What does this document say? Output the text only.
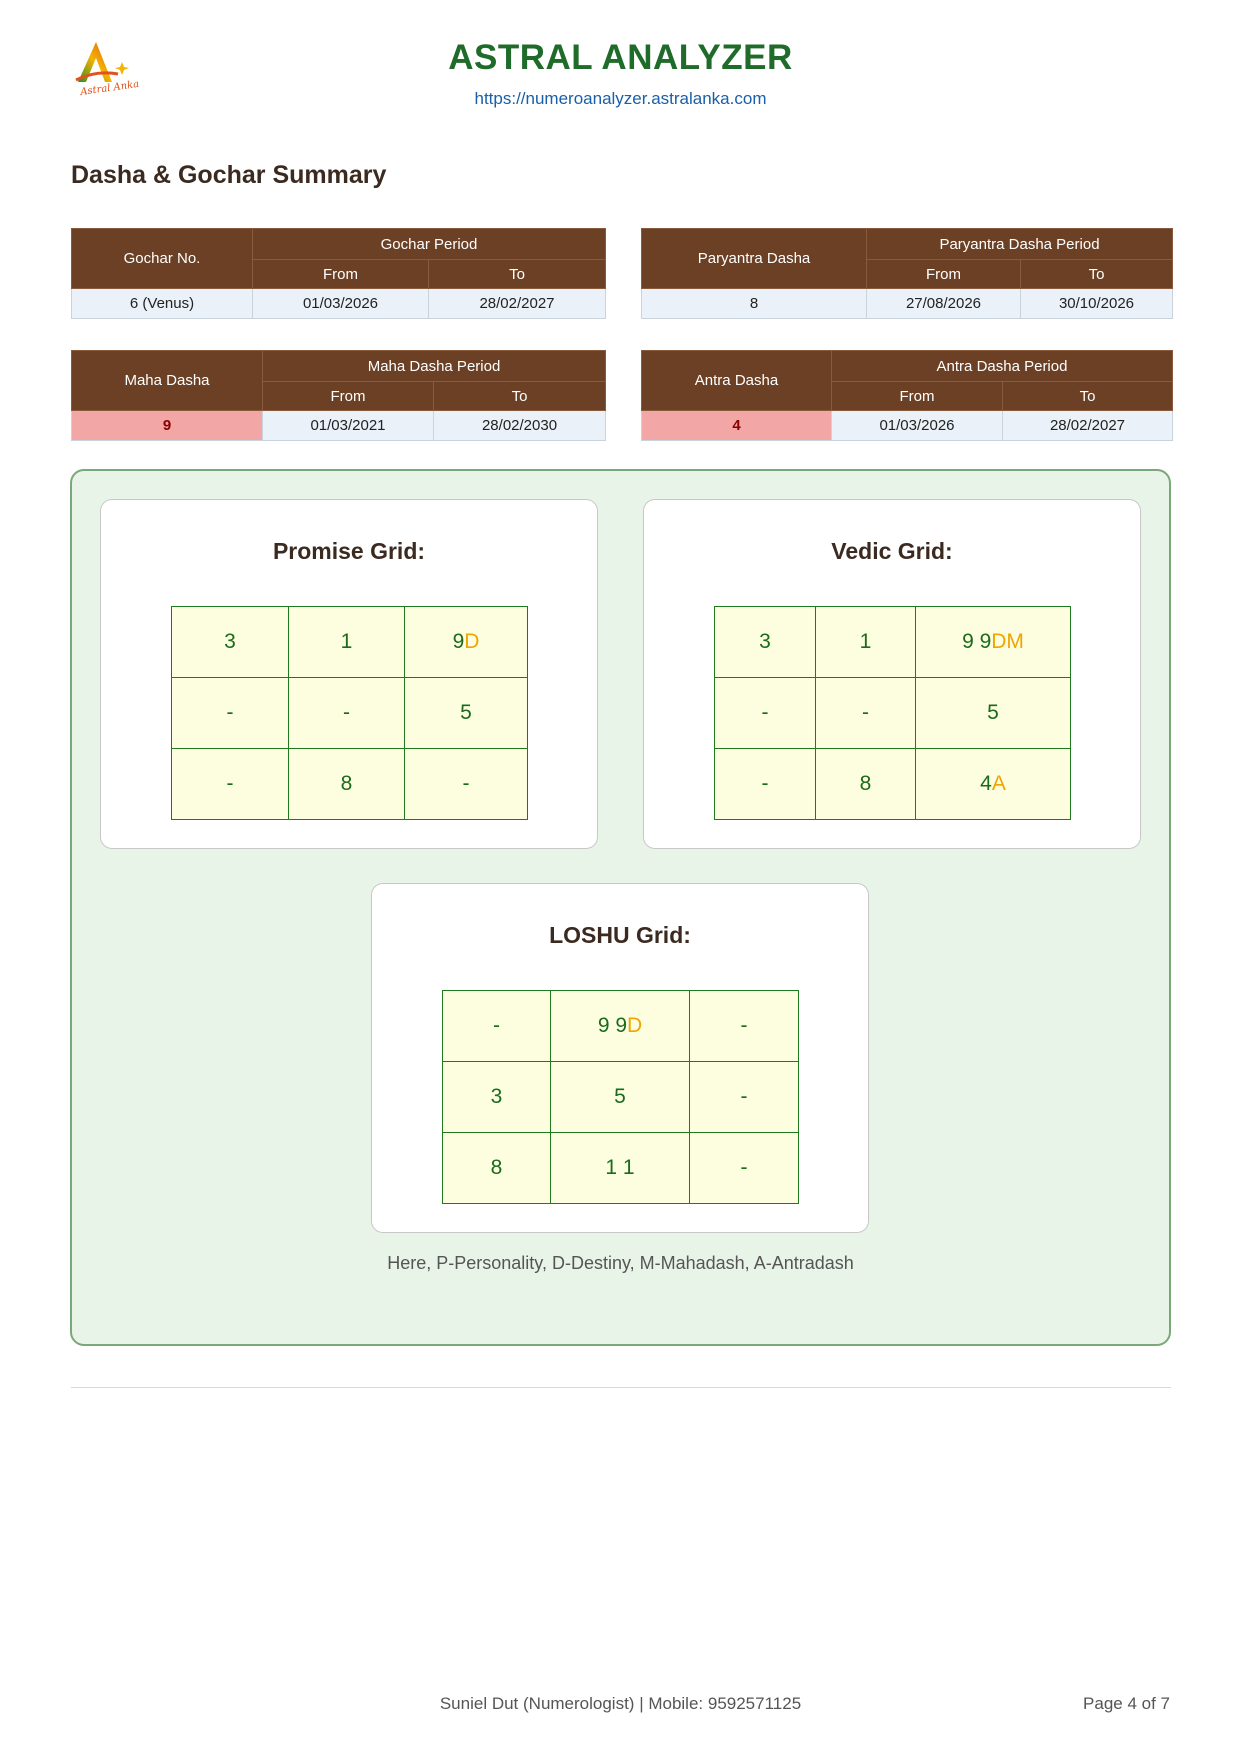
Astral Anka
ASTRAL ANALYZER
https://numeroanalyzer.astralanka.com
Dasha & Gochar Summary
Gochar No.	Gochar Period	
	From	To
6 (Venus)	01/03/2026	28/02/2027
Paryantra Dasha	Paryantra Dasha Period	
	From	To
8	27/08/2026	30/10/2026
Maha Dasha	Maha Dasha Period	
	From	To
9	01/03/2021	28/02/2030
Antra Dasha	Antra Dasha Period	
	From	To
4	01/03/2026	28/02/2027
Promise Grid:
3	1	9D
-	-	5
-	8	-
Vedic Grid:
3	1	9 9DM
-	-	5
-	8	4A
LOSHU Grid:
-	9 9D	-
3	5	-
8	1 1	-
Here, P-Personality, D-Destiny, M-Mahadash, A-Antradash
Suniel Dut (Numerologist) | Mobile: 9592571125	Page 4 of 7
